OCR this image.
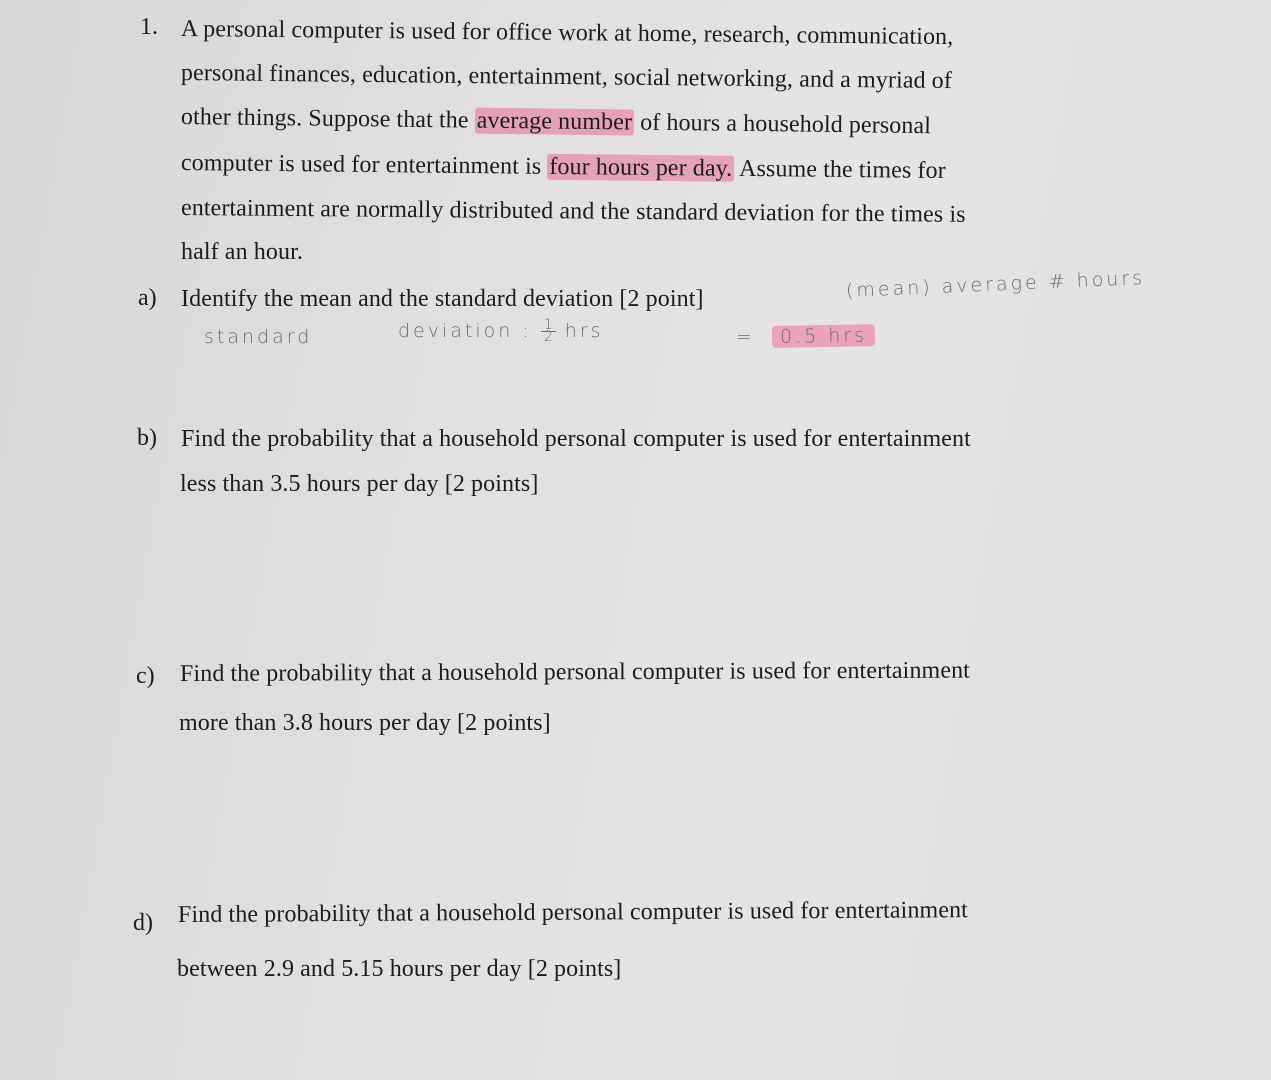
1. A personal computer is used for office work at home, research, communication,
personal finances, education, entertainment, social networking, and a myriad of
other things. Suppose that the average number of hours a household personal
computer is used for entertainment is four hours per day. Assume the times for
entertainment are normally distributed and the standard deviation for the times is
half an hour.
a) Identify the mean and the standard deviation [2 point]	(mean) average # hours
standard	deviation : $\frac{1}{2}$ hrs	=	0.5 hrs
b) Find the probability that a household personal computer is used for entertainment
less than 3.5 hours per day [2 points]
c) Find the probability that a household personal computer is used for entertainment
more than 3.8 hours per day [2 points]
d) Find the probability that a household personal computer is used for entertainment
between 2.9 and 5.15 hours per day [2 points]
